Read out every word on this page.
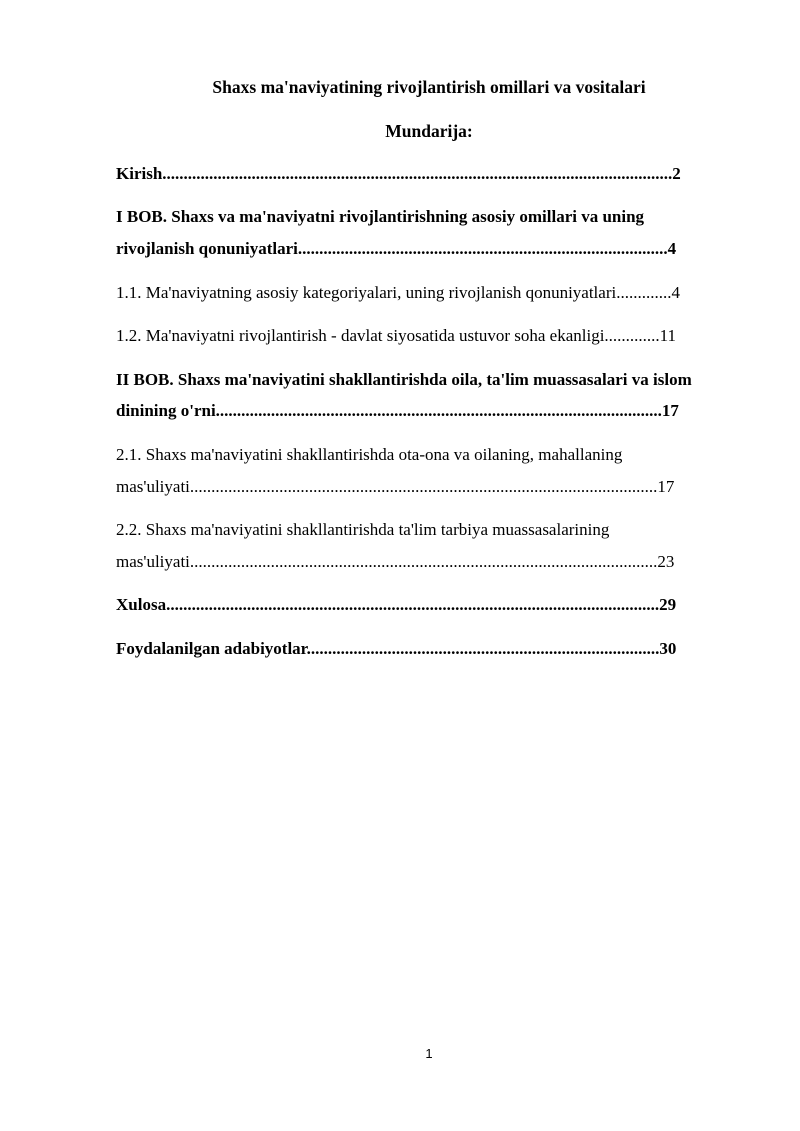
Shaxs ma'naviyatining rivojlantirish omillari va vositalari
Mundarija:
Kirish........................................................................................................................2
I BOB. Shaxs va ma'naviyatni rivojlantirishning asosiy omillari va uning
rivojlanish qonuniyatlari.......................................................................................4
1.1. Ma'naviyatning asosiy kategoriyalari, uning rivojlanish qonuniyatlari.............4
1.2. Ma'naviyatni rivojlantirish - davlat siyosatida ustuvor soha ekanligi.............11
II BOB. Shaxs ma'naviyatini shakllantirishda oila, ta'lim muassasalari va islom
dinining o'rni.........................................................................................................17
2.1. Shaxs ma'naviyatini shakllantirishda ota-ona va oilaning, mahallaning
mas'uliyati..............................................................................................................17
2.2. Shaxs ma'naviyatini shakllantirishda ta'lim tarbiya muassasalarining
mas'uliyati..............................................................................................................23
Xulosa....................................................................................................................29
Foydalanilgan adabiyotlar...................................................................................30
1
